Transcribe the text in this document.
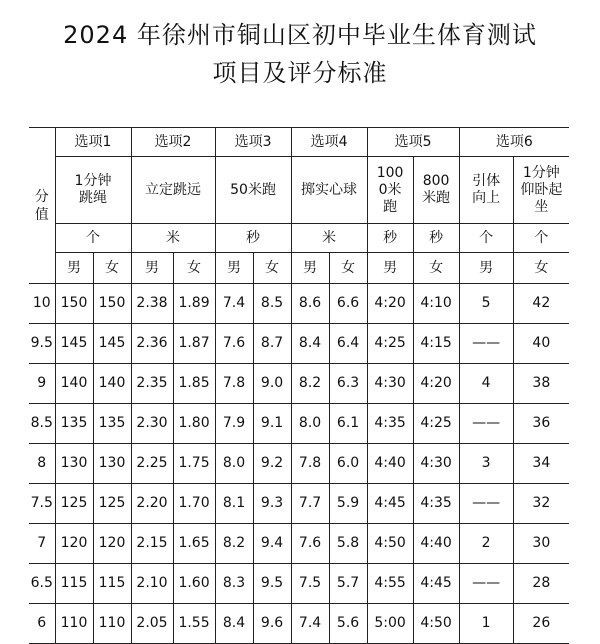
2024 年徐州市铜山区初中毕业生体育测试
项目及评分标准
分值	选项1		选项2		选项3		选项4		选项5		选项6	
	1分钟跳绳		立定跳远		50米跑		掷实心球		1000米跑	800米跑	引体向上	1分钟仰卧起坐
	个		米		秒		米		秒	秒	个	个
	男	女	男	女	男	女	男	女	男	女	男	女
10	150	150	2.38	1.89	7.4	8.5	8.6	6.6	4:20	4:10	5	42
9.5	145	145	2.36	1.87	7.6	8.7	8.4	6.4	4:25	4:15	——	40
9	140	140	2.35	1.85	7.8	9.0	8.2	6.3	4:30	4:20	4	38
8.5	135	135	2.30	1.80	7.9	9.1	8.0	6.1	4:35	4:25	——	36
8	130	130	2.25	1.75	8.0	9.2	7.8	6.0	4:40	4:30	3	34
7.5	125	125	2.20	1.70	8.1	9.3	7.7	5.9	4:45	4:35	——	32
7	120	120	2.15	1.65	8.2	9.4	7.6	5.8	4:50	4:40	2	30
6.5	115	115	2.10	1.60	8.3	9.5	7.5	5.7	4:55	4:45	——	28
6	110	110	2.05	1.55	8.4	9.6	7.4	5.6	5:00	4:50	1	26
